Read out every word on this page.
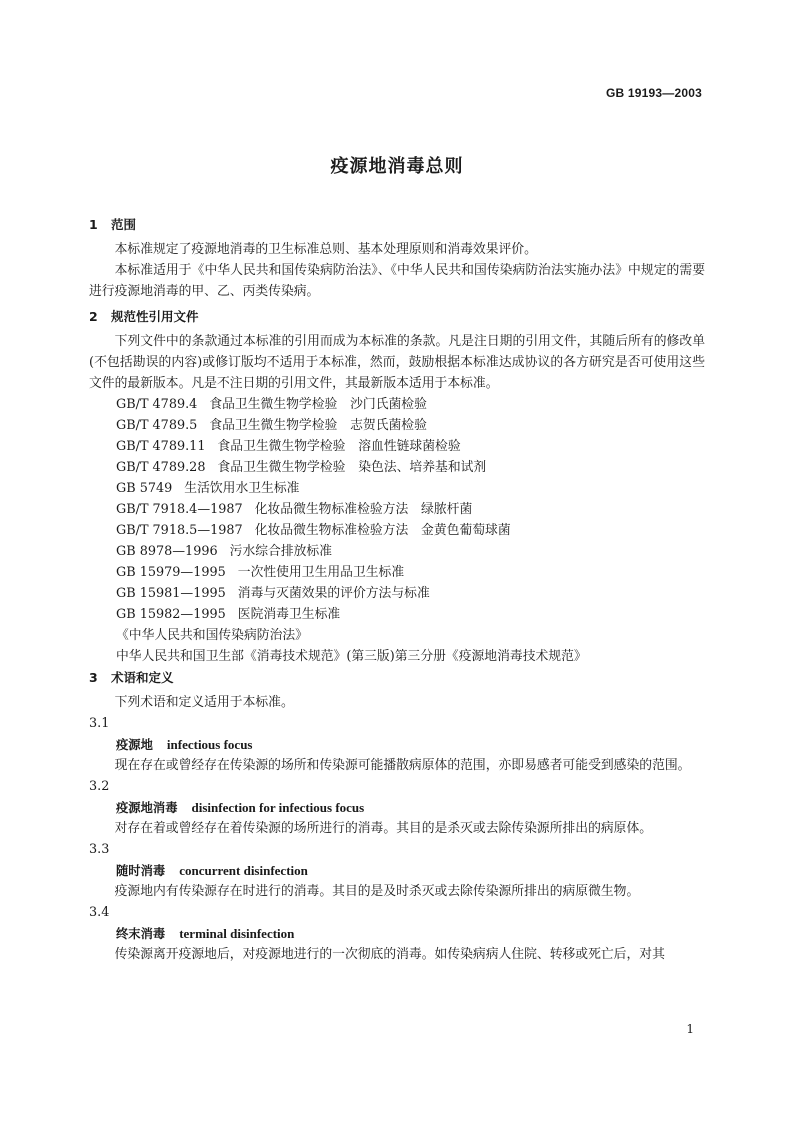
GB 19193—2003
疫源地消毒总则
1 范围

本标准规定了疫源地消毒的卫生标准总则、基本处理原则和消毒效果评价。

本标准适用于《中华人民共和国传染病防治法》、《中华人民共和国传染病防治法实施办法》中规定的需要进行疫源地消毒的甲、乙、丙类传染病。

2 规范性引用文件

下列文件中的条款通过本标准的引用而成为本标准的条款。凡是注日期的引用文件，其随后所有的修改单(不包括勘误的内容)或修订版均不适用于本标准，然而，鼓励根据本标准达成协议的各方研究是否可使用这些文件的最新版本。凡是不注日期的引用文件，其最新版本适用于本标准。

GB/T 4789.4 食品卫生微生物学检验　沙门氏菌检验
GB/T 4789.5 食品卫生微生物学检验　志贺氏菌检验
GB/T 4789.11 食品卫生微生物学检验　溶血性链球菌检验
GB/T 4789.28 食品卫生微生物学检验　染色法、培养基和试剂
GB 5749 生活饮用水卫生标准
GB/T 7918.4—1987 化妆品微生物标准检验方法　绿脓杆菌
GB/T 7918.5—1987 化妆品微生物标准检验方法　金黄色葡萄球菌
GB 8978—1996 污水综合排放标准
GB 15979—1995 一次性使用卫生用品卫生标准
GB 15981—1995 消毒与灭菌效果的评价方法与标准
GB 15982—1995 医院消毒卫生标准
《中华人民共和国传染病防治法》
中华人民共和国卫生部《消毒技术规范》(第三版)第三分册《疫源地消毒技术规范》
3 术语和定义

下列术语和定义适用于本标准。

3.1
疫源地 infectious focus

现在存在或曾经存在传染源的场所和传染源可能播散病原体的范围，亦即易感者可能受到感染的范围。

3.2
疫源地消毒 disinfection for infectious focus

对存在着或曾经存在着传染源的场所进行的消毒。其目的是杀灭或去除传染源所排出的病原体。

3.3
随时消毒 concurrent disinfection

疫源地内有传染源存在时进行的消毒。其目的是及时杀灭或去除传染源所排出的病原微生物。

3.4
终末消毒 terminal disinfection

传染源离开疫源地后，对疫源地进行的一次彻底的消毒。如传染病病人住院、转移或死亡后，对其

1
